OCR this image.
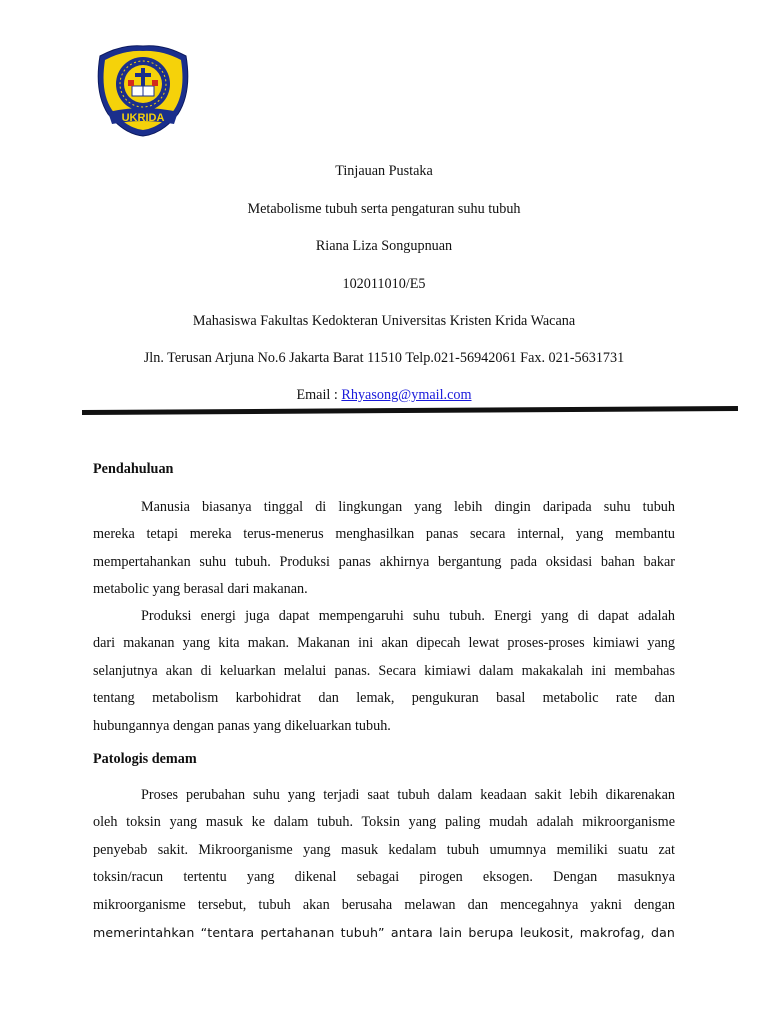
UKRIDA
Tinjauan Pustaka
Metabolisme tubuh serta pengaturan suhu tubuh
Riana Liza Songupnuan
102011010/E5
Mahasiswa Fakultas Kedokteran Universitas Kristen Krida Wacana
Jln. Terusan Arjuna No.6 Jakarta Barat 11510 Telp.021-56942061 Fax. 021-5631731
Email : Rhyasong@ymail.com
Pendahuluan
Manusia biasanya tinggal di lingkungan yang lebih dingin daripada suhu tubuh
mereka tetapi mereka terus-menerus menghasilkan panas secara internal, yang membantu
mempertahankan suhu tubuh. Produksi panas akhirnya bergantung pada oksidasi bahan bakar
metabolic yang berasal dari makanan.
Produksi energi juga dapat mempengaruhi suhu tubuh. Energi yang di dapat adalah
dari makanan yang kita makan. Makanan ini akan dipecah lewat proses-proses kimiawi yang
selanjutnya akan di keluarkan melalui panas. Secara kimiawi dalam makakalah ini membahas
tentang metabolism karbohidrat dan lemak, pengukuran basal metabolic rate dan
hubungannya dengan panas yang dikeluarkan tubuh.
Patologis demam
Proses perubahan suhu yang terjadi saat tubuh dalam keadaan sakit lebih dikarenakan
oleh toksin yang masuk ke dalam tubuh. Toksin yang paling mudah adalah mikroorganisme
penyebab sakit. Mikroorganisme yang masuk kedalam tubuh umumnya memiliki suatu zat
toksin/racun tertentu yang dikenal sebagai pirogen eksogen. Dengan masuknya
mikroorganisme tersebut, tubuh akan berusaha melawan dan mencegahnya yakni dengan
memerintahkan “tentara pertahanan tubuh” antara lain berupa leukosit, makrofag, dan
